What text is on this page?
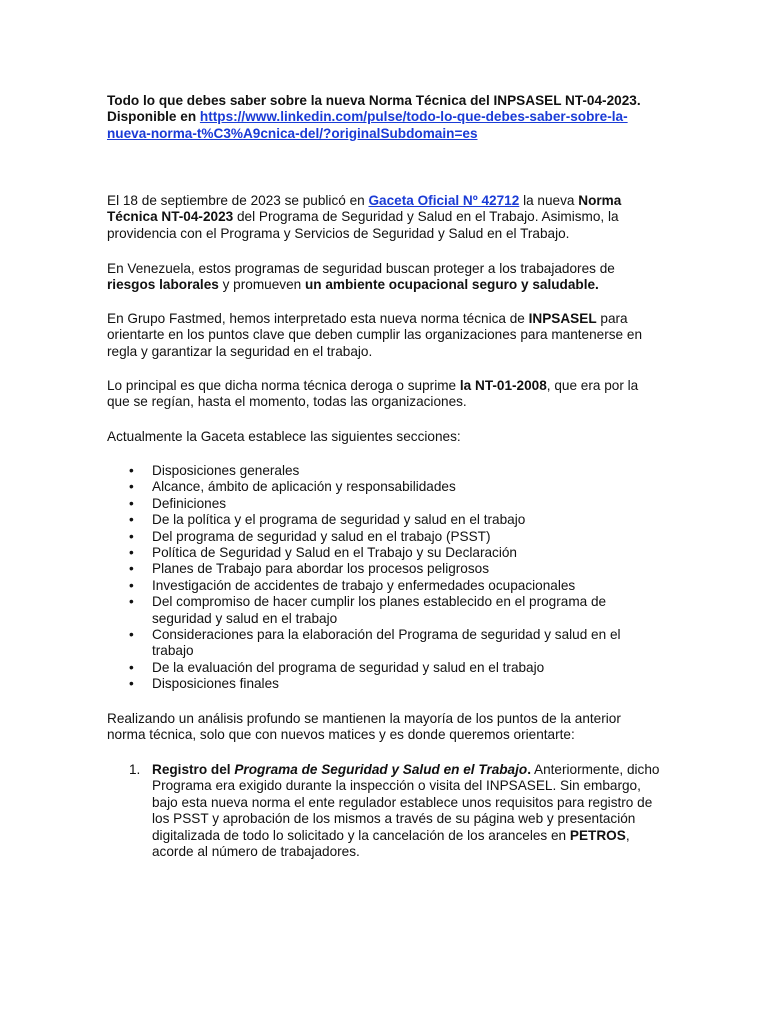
Todo lo que debes saber sobre la nueva Norma Técnica del INPSASEL NT-04-2023.
Disponible en https://www.linkedin.com/pulse/todo-lo-que-debes-saber-sobre-la-
nueva-norma-t%C3%A9cnica-del/?originalSubdomain=es

El 18 de septiembre de 2023 se publicó en Gaceta Oficial Nº 42712 la nueva Norma Técnica NT-04-2023 del Programa de Seguridad y Salud en el Trabajo. Asimismo, la providencia con el Programa y Servicios de Seguridad y Salud en el Trabajo.

En Venezuela, estos programas de seguridad buscan proteger a los trabajadores de riesgos laborales y promueven un ambiente ocupacional seguro y saludable.

En Grupo Fastmed, hemos interpretado esta nueva norma técnica de INPSASEL para orientarte en los puntos clave que deben cumplir las organizaciones para mantenerse en regla y garantizar la seguridad en el trabajo.

Lo principal es que dicha norma técnica deroga o suprime la NT-01-2008, que era por la que se regían, hasta el momento, todas las organizaciones.

Actualmente la Gaceta establece las siguientes secciones:

• Disposiciones generales
• Alcance, ámbito de aplicación y responsabilidades
• Definiciones
• De la política y el programa de seguridad y salud en el trabajo
• Del programa de seguridad y salud en el trabajo (PSST)
• Política de Seguridad y Salud en el Trabajo y su Declaración
• Planes de Trabajo para abordar los procesos peligrosos
• Investigación de accidentes de trabajo y enfermedades ocupacionales
• Del compromiso de hacer cumplir los planes establecido en el programa de seguridad y salud en el trabajo
• Consideraciones para la elaboración del Programa de seguridad y salud en el trabajo
• De la evaluación del programa de seguridad y salud en el trabajo
• Disposiciones finales

Realizando un análisis profundo se mantienen la mayoría de los puntos de la anterior norma técnica, solo que con nuevos matices y es donde queremos orientarte:

1. Registro del Programa de Seguridad y Salud en el Trabajo. Anteriormente, dicho Programa era exigido durante la inspección o visita del INPSASEL. Sin embargo, bajo esta nueva norma el ente regulador establece unos requisitos para registro de los PSST y aprobación de los mismos a través de su página web y presentación digitalizada de todo lo solicitado y la cancelación de los aranceles en PETROS, acorde al número de trabajadores.
